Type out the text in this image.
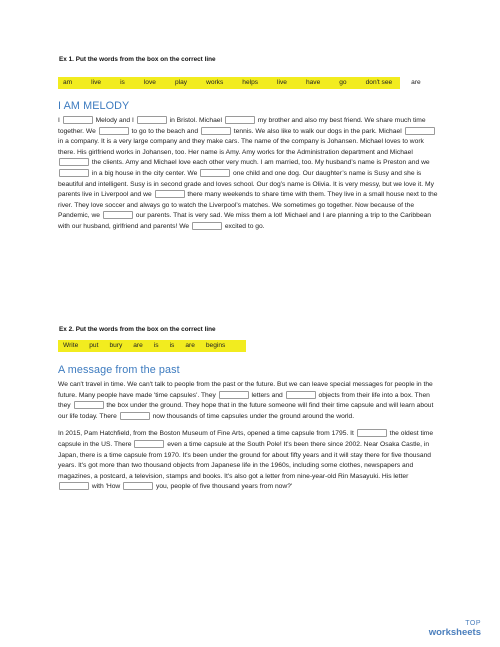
Ex 1. Put the words from the box on the correct line
am	live	is	love	play	works	helps	live	have	go	don't see	are
I AM MELODY

I	Melody and I	in Bristol. Michael	my brother and also my best friend. We share much time together. We	to go to the beach and	tennis. We also like to walk our dogs in the park. Michael  in a company. It is a very large company and they make cars. The name of the company is Johansen. Michael loves to work there. His girlfriend works in Johansen, too. Her name is Amy. Amy works for the Administration department and Michael  the clients. Amy and Michael love each other very much. I am married, too. My husband’s name is Preston and we  in a big house in the city center. We	one child and one dog. Our daughter’s name is Susy and she is beautiful and intelligent. Susy is in second grade and loves school. Our dog’s name is Olivia. It is very messy, but we love it. My parents live in Liverpool and we	there many weekends to share time with them. They live in a small house next to the river. They love soccer and always go to watch the Liverpool’s matches. We sometimes go together. Now because of the Pandemic, we	our parents. That is very sad. We miss them a lot! Michael and I are planning a trip to the Caribbean with our husband, girlfriend and parents! We	excited to go.

Ex 2. Put the words from the box on the correct line
Write put bury are is is are begins
A message from the past

We can't travel in time. We can't talk to people from the past or the future. But we can leave special messages for people in the future. Many people have made 'time capsules'. They	letters and	objects from their life into a box. Then they	the box under the ground. They hope that in the future someone will find their time capsule and will learn about our life today. There	now thousands of time capsules under the ground around the world.

In 2015, Pam Hatchfield, from the Boston Museum of Fine Arts, opened a time capsule from 1795. It	the oldest time capsule in the US. There	even a time capsule at the South Pole! It's been there since 2002. Near Osaka Castle, in Japan, there is a time capsule from 1970. It's been under the ground for about fifty years and it will stay there for five thousand years. It's got more than two thousand objects from Japanese life in the 1960s, including some clothes, newspapers and magazines, a postcard, a television, stamps and books. It's also got a letter from nine-year-old Rin Masayuki. His letter  with 'How	you, people of five thousand years from now?'

TOP
worksheets
